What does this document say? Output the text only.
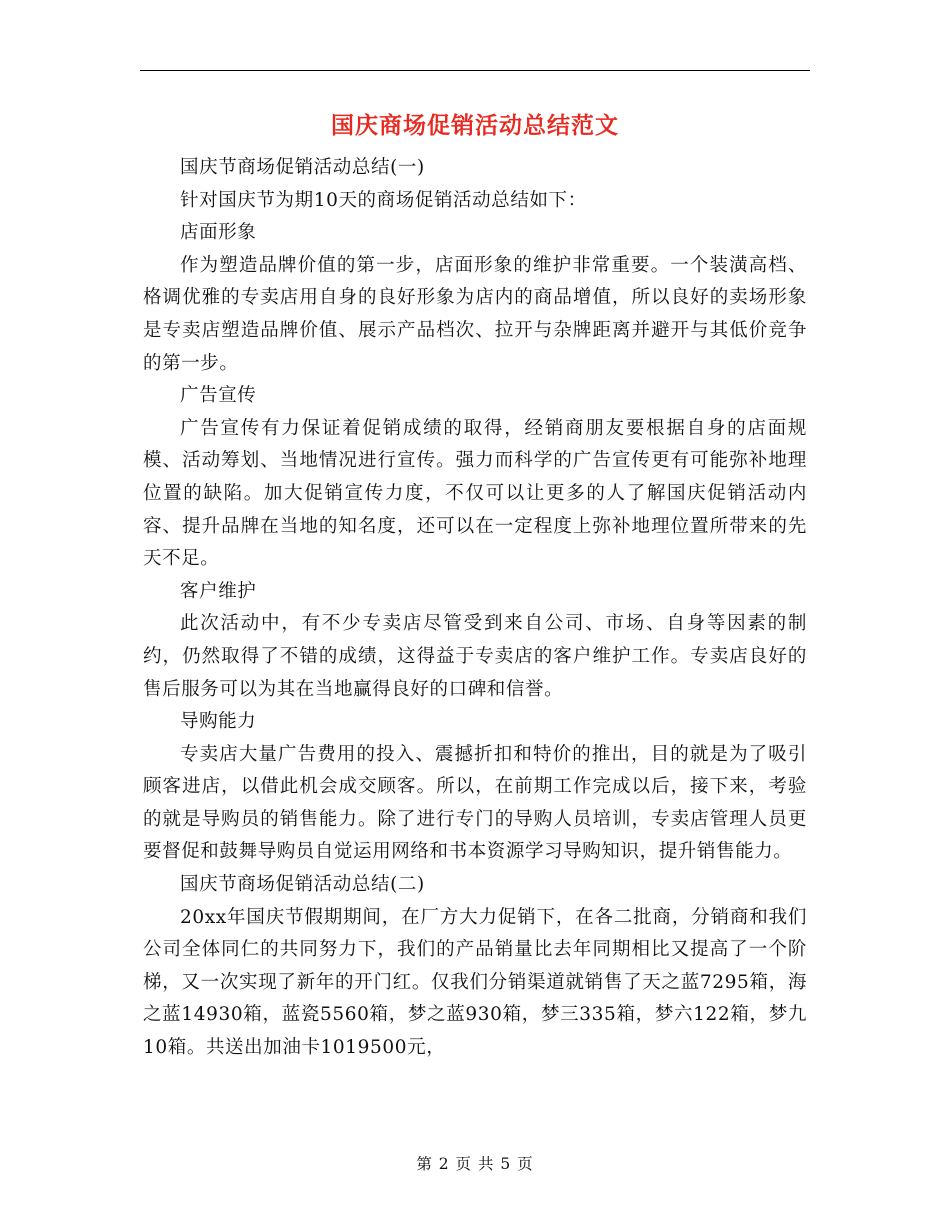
国庆商场促销活动总结范文

国庆节商场促销活动总结(一)

针对国庆节为期10天的商场促销活动总结如下：

店面形象

作为塑造品牌价值的第一步，店面形象的维护非常重要。一个装潢高档、格调优雅的专卖店用自身的良好形象为店内的商品增值，所以良好的卖场形象是专卖店塑造品牌价值、展示产品档次、拉开与杂牌距离并避开与其低价竞争的第一步。

广告宣传

广告宣传有力保证着促销成绩的取得，经销商朋友要根据自身的店面规模、活动筹划、当地情况进行宣传。强力而科学的广告宣传更有可能弥补地理位置的缺陷。加大促销宣传力度，不仅可以让更多的人了解国庆促销活动内容、提升品牌在当地的知名度，还可以在一定程度上弥补地理位置所带来的先天不足。

客户维护

此次活动中，有不少专卖店尽管受到来自公司、市场、自身等因素的制约，仍然取得了不错的成绩，这得益于专卖店的客户维护工作。专卖店良好的售后服务可以为其在当地赢得良好的口碑和信誉。

导购能力

专卖店大量广告费用的投入、震撼折扣和特价的推出，目的就是为了吸引顾客进店，以借此机会成交顾客。所以，在前期工作完成以后，接下来，考验的就是导购员的销售能力。除了进行专门的导购人员培训，专卖店管理人员更要督促和鼓舞导购员自觉运用网络和书本资源学习导购知识，提升销售能力。

国庆节商场促销活动总结(二)

20xx年国庆节假期期间，在厂方大力促销下，在各二批商，分销商和我们公司全体同仁的共同努力下，我们的产品销量比去年同期相比又提高了一个阶梯，又一次实现了新年的开门红。仅我们分销渠道就销售了天之蓝7295箱，海之蓝14930箱，蓝瓷5560箱，梦之蓝930箱，梦三335箱，梦六122箱，梦九10箱。共送出加油卡1019500元，

第 2 页 共 5 页
